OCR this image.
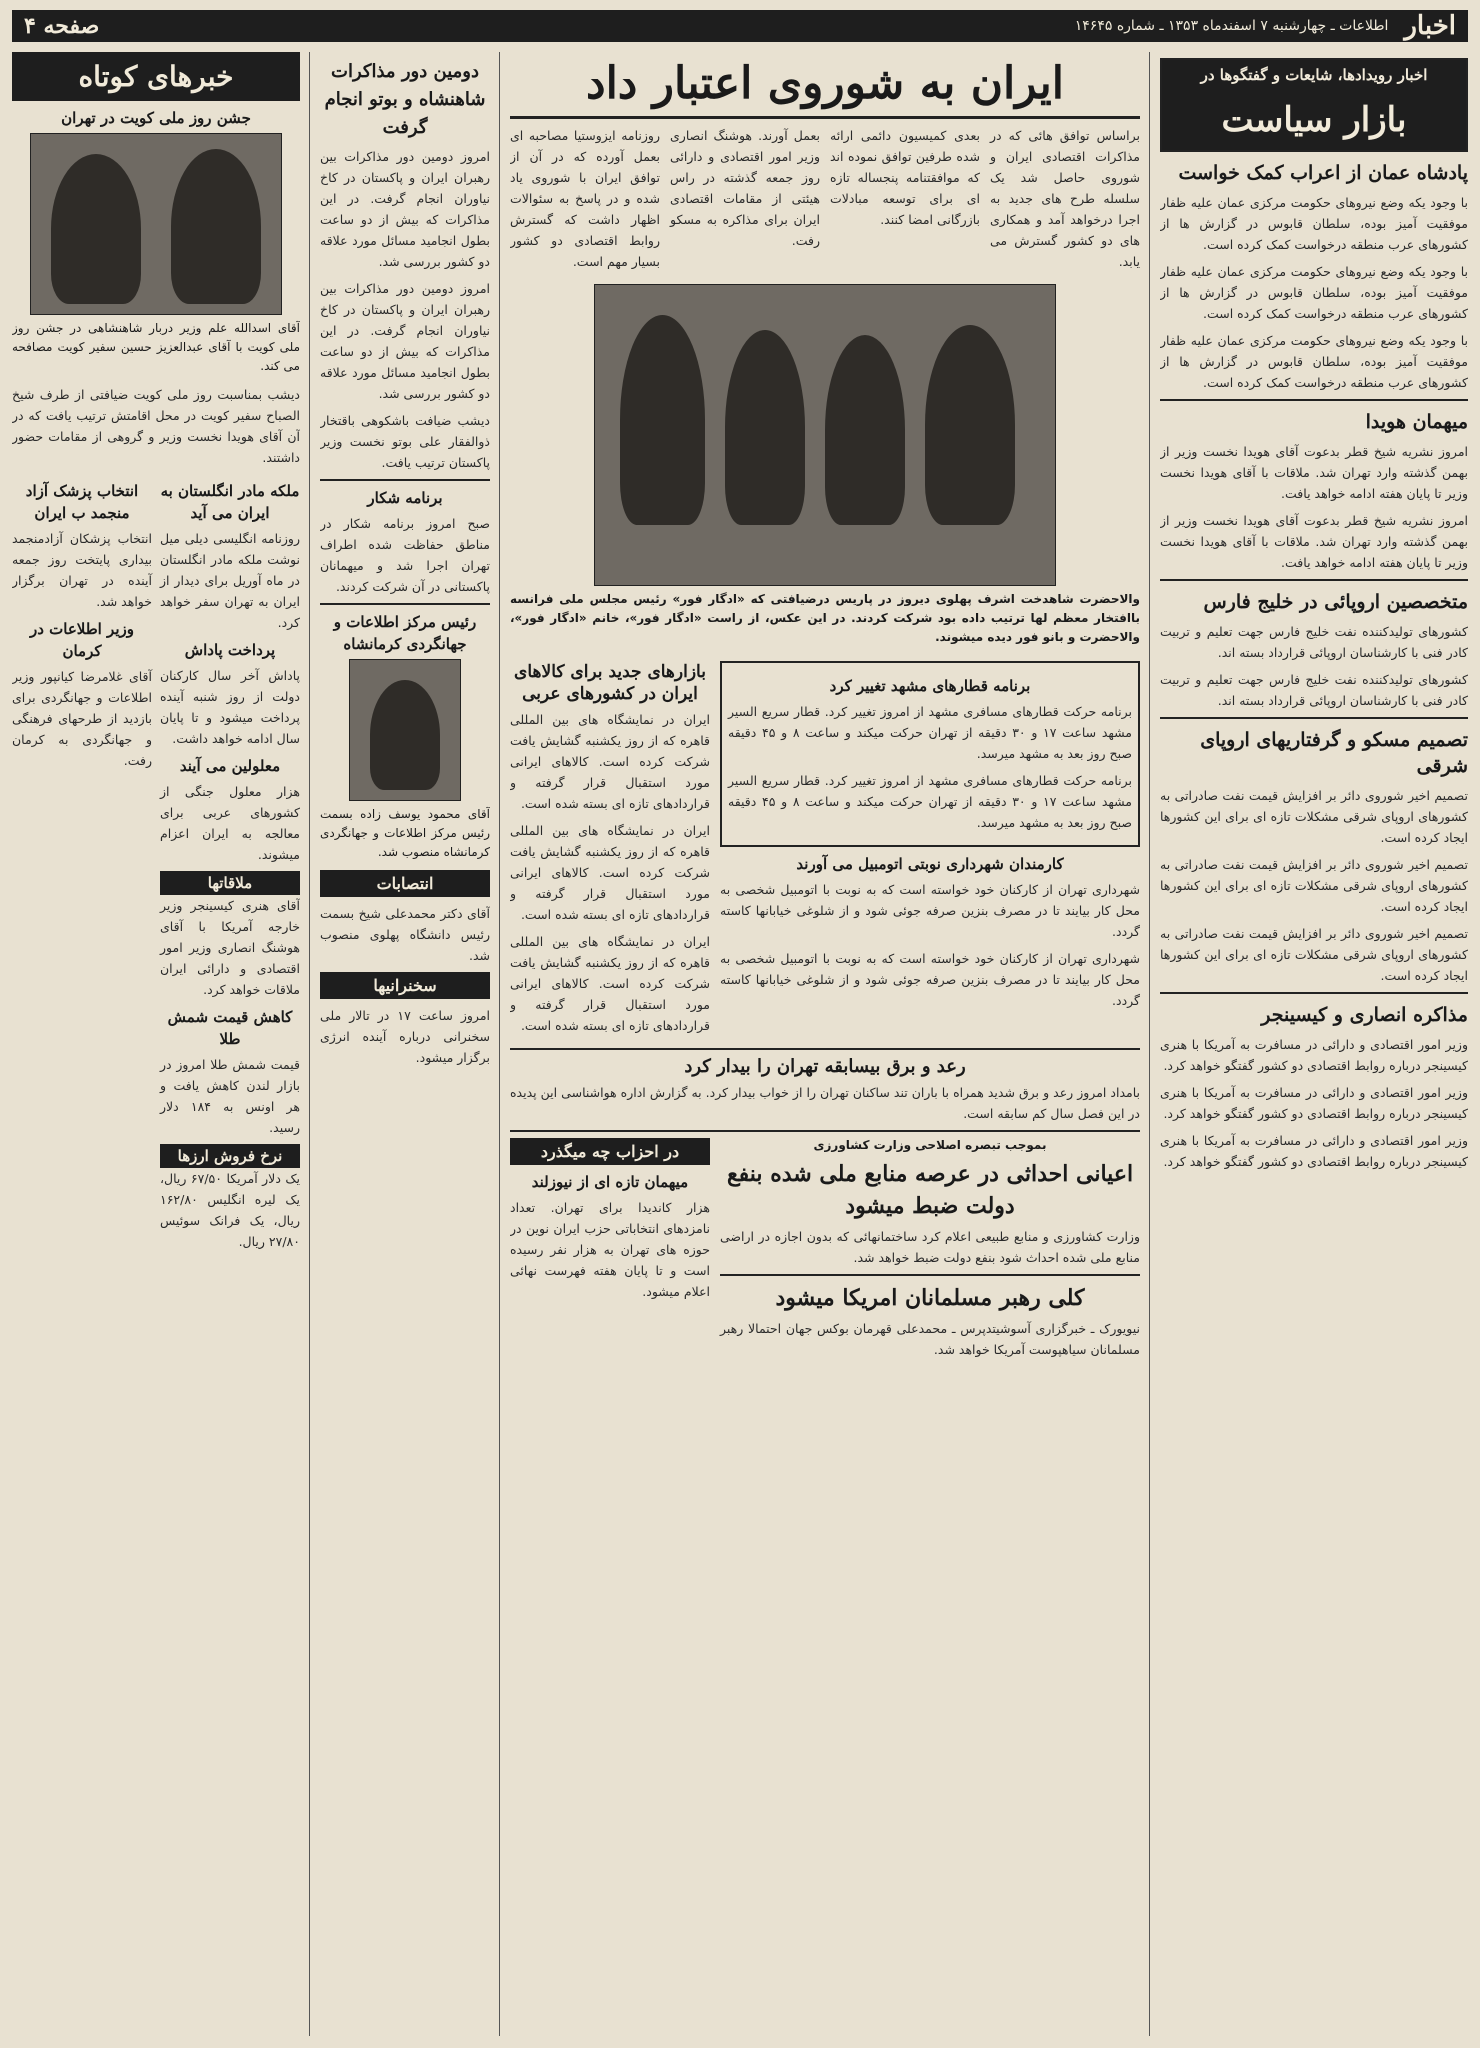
اخبار
اطلاعات ـ چهارشنبه ۷ اسفندماه ۱۳۵۳ ـ شماره ۱۴۶۴۵
صفحه ۴
اخبار رویدادها، شایعات و گفتگوها در
بازار سیاست
پادشاه عمان از اعراب کمک خواست

با وجود یکه وضع نیروهای حکومت مرکزی عمان علیه ظفار موفقیت آمیز بوده، سلطان قابوس در گزارش ها از کشورهای عرب منطقه درخواست کمک کرده است.

با وجود یکه وضع نیروهای حکومت مرکزی عمان علیه ظفار موفقیت آمیز بوده، سلطان قابوس در گزارش ها از کشورهای عرب منطقه درخواست کمک کرده است.

با وجود یکه وضع نیروهای حکومت مرکزی عمان علیه ظفار موفقیت آمیز بوده، سلطان قابوس در گزارش ها از کشورهای عرب منطقه درخواست کمک کرده است.

میهمان هویدا

امروز نشریه شیخ قطر بدعوت آقای هویدا نخست وزیر از بهمن گذشته وارد تهران شد. ملاقات با آقای هویدا نخست وزیر تا پایان هفته ادامه خواهد یافت.

امروز نشریه شیخ قطر بدعوت آقای هویدا نخست وزیر از بهمن گذشته وارد تهران شد. ملاقات با آقای هویدا نخست وزیر تا پایان هفته ادامه خواهد یافت.

متخصصین اروپائی در خلیج فارس

کشورهای تولیدکننده نفت خلیج فارس جهت تعلیم و تربیت کادر فنی با کارشناسان اروپائی قرارداد بسته اند.

کشورهای تولیدکننده نفت خلیج فارس جهت تعلیم و تربیت کادر فنی با کارشناسان اروپائی قرارداد بسته اند.

تصمیم مسکو و گرفتاریهای اروپای شرقی

تصمیم اخیر شوروی دائر بر افزایش قیمت نفت صادراتی به کشورهای اروپای شرقی مشکلات تازه ای برای این کشورها ایجاد کرده است.

تصمیم اخیر شوروی دائر بر افزایش قیمت نفت صادراتی به کشورهای اروپای شرقی مشکلات تازه ای برای این کشورها ایجاد کرده است.

تصمیم اخیر شوروی دائر بر افزایش قیمت نفت صادراتی به کشورهای اروپای شرقی مشکلات تازه ای برای این کشورها ایجاد کرده است.

مذاکره انصاری و کیسینجر

وزیر امور اقتصادی و دارائی در مسافرت به آمریکا با هنری کیسینجر درباره روابط اقتصادی دو کشور گفتگو خواهد کرد.

وزیر امور اقتصادی و دارائی در مسافرت به آمریکا با هنری کیسینجر درباره روابط اقتصادی دو کشور گفتگو خواهد کرد.

وزیر امور اقتصادی و دارائی در مسافرت به آمریکا با هنری کیسینجر درباره روابط اقتصادی دو کشور گفتگو خواهد کرد.

ایران به شوروی اعتبار داد

براساس توافق هائی که در مذاکرات اقتصادی ایران و شوروی حاصل شد یک سلسله طرح های جدید به اجرا درخواهد آمد و همکاری های دو کشور گسترش می یابد.

بعدی کمیسیون دائمی ارائه شده طرفین توافق نموده اند که موافقتنامه پنجساله تازه ای برای توسعه مبادلات بازرگانی امضا کنند.

بعمل آورند. هوشنگ انصاری وزیر امور اقتصادی و دارائی روز جمعه گذشته در راس هیئتی از مقامات اقتصادی ایران برای مذاکره به مسکو رفت.

روزنامه ایزوستیا مصاحبه ای بعمل آورده که در آن از توافق ایران با شوروی یاد شده و در پاسخ به سئوالات اظهار داشت که گسترش روابط اقتصادی دو کشور بسیار مهم است.

والاحضرت شاهدخت اشرف پهلوی دیروز در پاریس درضیافتی که «ادگار فور» رئیس مجلس ملی فرانسه باافتخار معظم لها ترتیب داده بود شرکت کردند. در این عکس، از راست «ادگار فور»، خانم «ادگار فور»، والاحضرت و بانو فور دیده میشوند.

برنامه قطارهای مشهد تغییر کرد

برنامه حرکت قطارهای مسافری مشهد از امروز تغییر کرد. قطار سریع السیر مشهد ساعت ۱۷ و ۳۰ دقیقه از تهران حرکت میکند و ساعت ۸ و ۴۵ دقیقه صبح روز بعد به مشهد میرسد.

برنامه حرکت قطارهای مسافری مشهد از امروز تغییر کرد. قطار سریع السیر مشهد ساعت ۱۷ و ۳۰ دقیقه از تهران حرکت میکند و ساعت ۸ و ۴۵ دقیقه صبح روز بعد به مشهد میرسد.

کارمندان شهرداری نوبتی اتومبیل می آورند

شهرداری تهران از کارکنان خود خواسته است که به نوبت با اتومبیل شخصی به محل کار بیایند تا در مصرف بنزین صرفه جوئی شود و از شلوغی خیابانها کاسته گردد.

شهرداری تهران از کارکنان خود خواسته است که به نوبت با اتومبیل شخصی به محل کار بیایند تا در مصرف بنزین صرفه جوئی شود و از شلوغی خیابانها کاسته گردد.

بازارهای جدید برای کالاهای ایران در کشورهای عربی

ایران در نمایشگاه های بین المللی قاهره که از روز یکشنبه گشایش یافت شرکت کرده است. کالاهای ایرانی مورد استقبال قرار گرفته و قراردادهای تازه ای بسته شده است.

ایران در نمایشگاه های بین المللی قاهره که از روز یکشنبه گشایش یافت شرکت کرده است. کالاهای ایرانی مورد استقبال قرار گرفته و قراردادهای تازه ای بسته شده است.

ایران در نمایشگاه های بین المللی قاهره که از روز یکشنبه گشایش یافت شرکت کرده است. کالاهای ایرانی مورد استقبال قرار گرفته و قراردادهای تازه ای بسته شده است.

رعد و برق بیسابقه تهران را بیدار کرد

بامداد امروز رعد و برق شدید همراه با باران تند ساکنان تهران را از خواب بیدار کرد. به گزارش اداره هواشناسی این پدیده در این فصل سال کم سابقه است.

بموجب تبصره اصلاحی وزارت کشاورزی
اعیانی احداثی در عرصه منابع ملی شده بنفع دولت ضبط میشود

وزارت کشاورزی و منابع طبیعی اعلام کرد ساختمانهائی که بدون اجازه در اراضی منابع ملی شده احداث شود بنفع دولت ضبط خواهد شد.

کلی رهبر مسلمانان امریکا میشود

نیویورک ـ خبرگزاری آسوشیتدپرس ـ محمدعلی قهرمان بوکس جهان احتمالا رهبر مسلمانان سیاهپوست آمریکا خواهد شد.

در احزاب چه میگذرد
میهمان تازه ای از نیوزلند

هزار کاندیدا برای تهران. تعداد نامزدهای انتخاباتی حزب ایران نوین در حوزه های تهران به هزار نفر رسیده است و تا پایان هفته فهرست نهائی اعلام میشود.

دومین دور مذاکرات شاهنشاه و بوتو انجام گرفت

امروز دومین دور مذاکرات بین رهبران ایران و پاکستان در کاخ نیاوران انجام گرفت. در این مذاکرات که بیش از دو ساعت بطول انجامید مسائل مورد علاقه دو کشور بررسی شد.

امروز دومین دور مذاکرات بین رهبران ایران و پاکستان در کاخ نیاوران انجام گرفت. در این مذاکرات که بیش از دو ساعت بطول انجامید مسائل مورد علاقه دو کشور بررسی شد.

دیشب ضیافت باشکوهی باقتخار ذوالفقار علی بوتو نخست وزیر پاکستان ترتیب یافت.

برنامه شکار

صبح امروز برنامه شکار در مناطق حفاظت شده اطراف تهران اجرا شد و میهمانان پاکستانی در آن شرکت کردند.

رئیس مرکز اطلاعات و جهانگردی کرمانشاه

آقای محمود یوسف زاده بسمت رئیس مرکز اطلاعات و جهانگردی کرمانشاه منصوب شد.

انتصابات

آقای دکتر محمدعلی شیخ بسمت رئیس دانشگاه پهلوی منصوب شد.

سخنرانیها

امروز ساعت ۱۷ در تالار ملی سخنرانی درباره آینده انرژی برگزار میشود.

خبرهای کوتاه
جشن روز ملی کویت در تهران

آقای اسدالله علم وزیر دربار شاهنشاهی در جشن روز ملی کویت با آقای عبدالعزیز حسین سفیر کویت مصافحه می کند.

دیشب بمناسبت روز ملی کویت ضیافتی از طرف شیخ الصباح سفیر کویت در محل اقامتش ترتیب یافت که در آن آقای هویدا نخست وزیر و گروهی از مقامات حضور داشتند.

ملکه مادر انگلستان به ایران می آید

روزنامه انگلیسی دیلی میل نوشت ملکه مادر انگلستان در ماه آوریل برای دیدار از ایران به تهران سفر خواهد کرد.

پرداخت پاداش

پاداش آخر سال کارکنان دولت از روز شنبه آینده پرداخت میشود و تا پایان سال ادامه خواهد داشت.

معلولین می آیند

هزار معلول جنگی از کشورهای عربی برای معالجه به ایران اعزام میشوند.

ملاقاتها

آقای هنری کیسینجر وزیر خارجه آمریکا با آقای هوشنگ انصاری وزیر امور اقتصادی و دارائی ایران ملاقات خواهد کرد.

کاهش قیمت شمش طلا

قیمت شمش طلا امروز در بازار لندن کاهش یافت و هر اونس به ۱۸۴ دلار رسید.

نرخ فروش ارزها

یک دلار آمریکا ۶۷/۵۰ ریال، یک لیره انگلیس ۱۶۲/۸۰ ریال، یک فرانک سوئیس ۲۷/۸۰ ریال.

انتخاب پزشک آزاد منجمد ب ایران

انتخاب پزشکان آزادمنجمد بیداری پایتخت روز جمعه آینده در تهران برگزار خواهد شد.

وزیر اطلاعات در کرمان

آقای غلامرضا کیانپور وزیر اطلاعات و جهانگردی برای بازدید از طرحهای فرهنگی و جهانگردی به کرمان رفت.
